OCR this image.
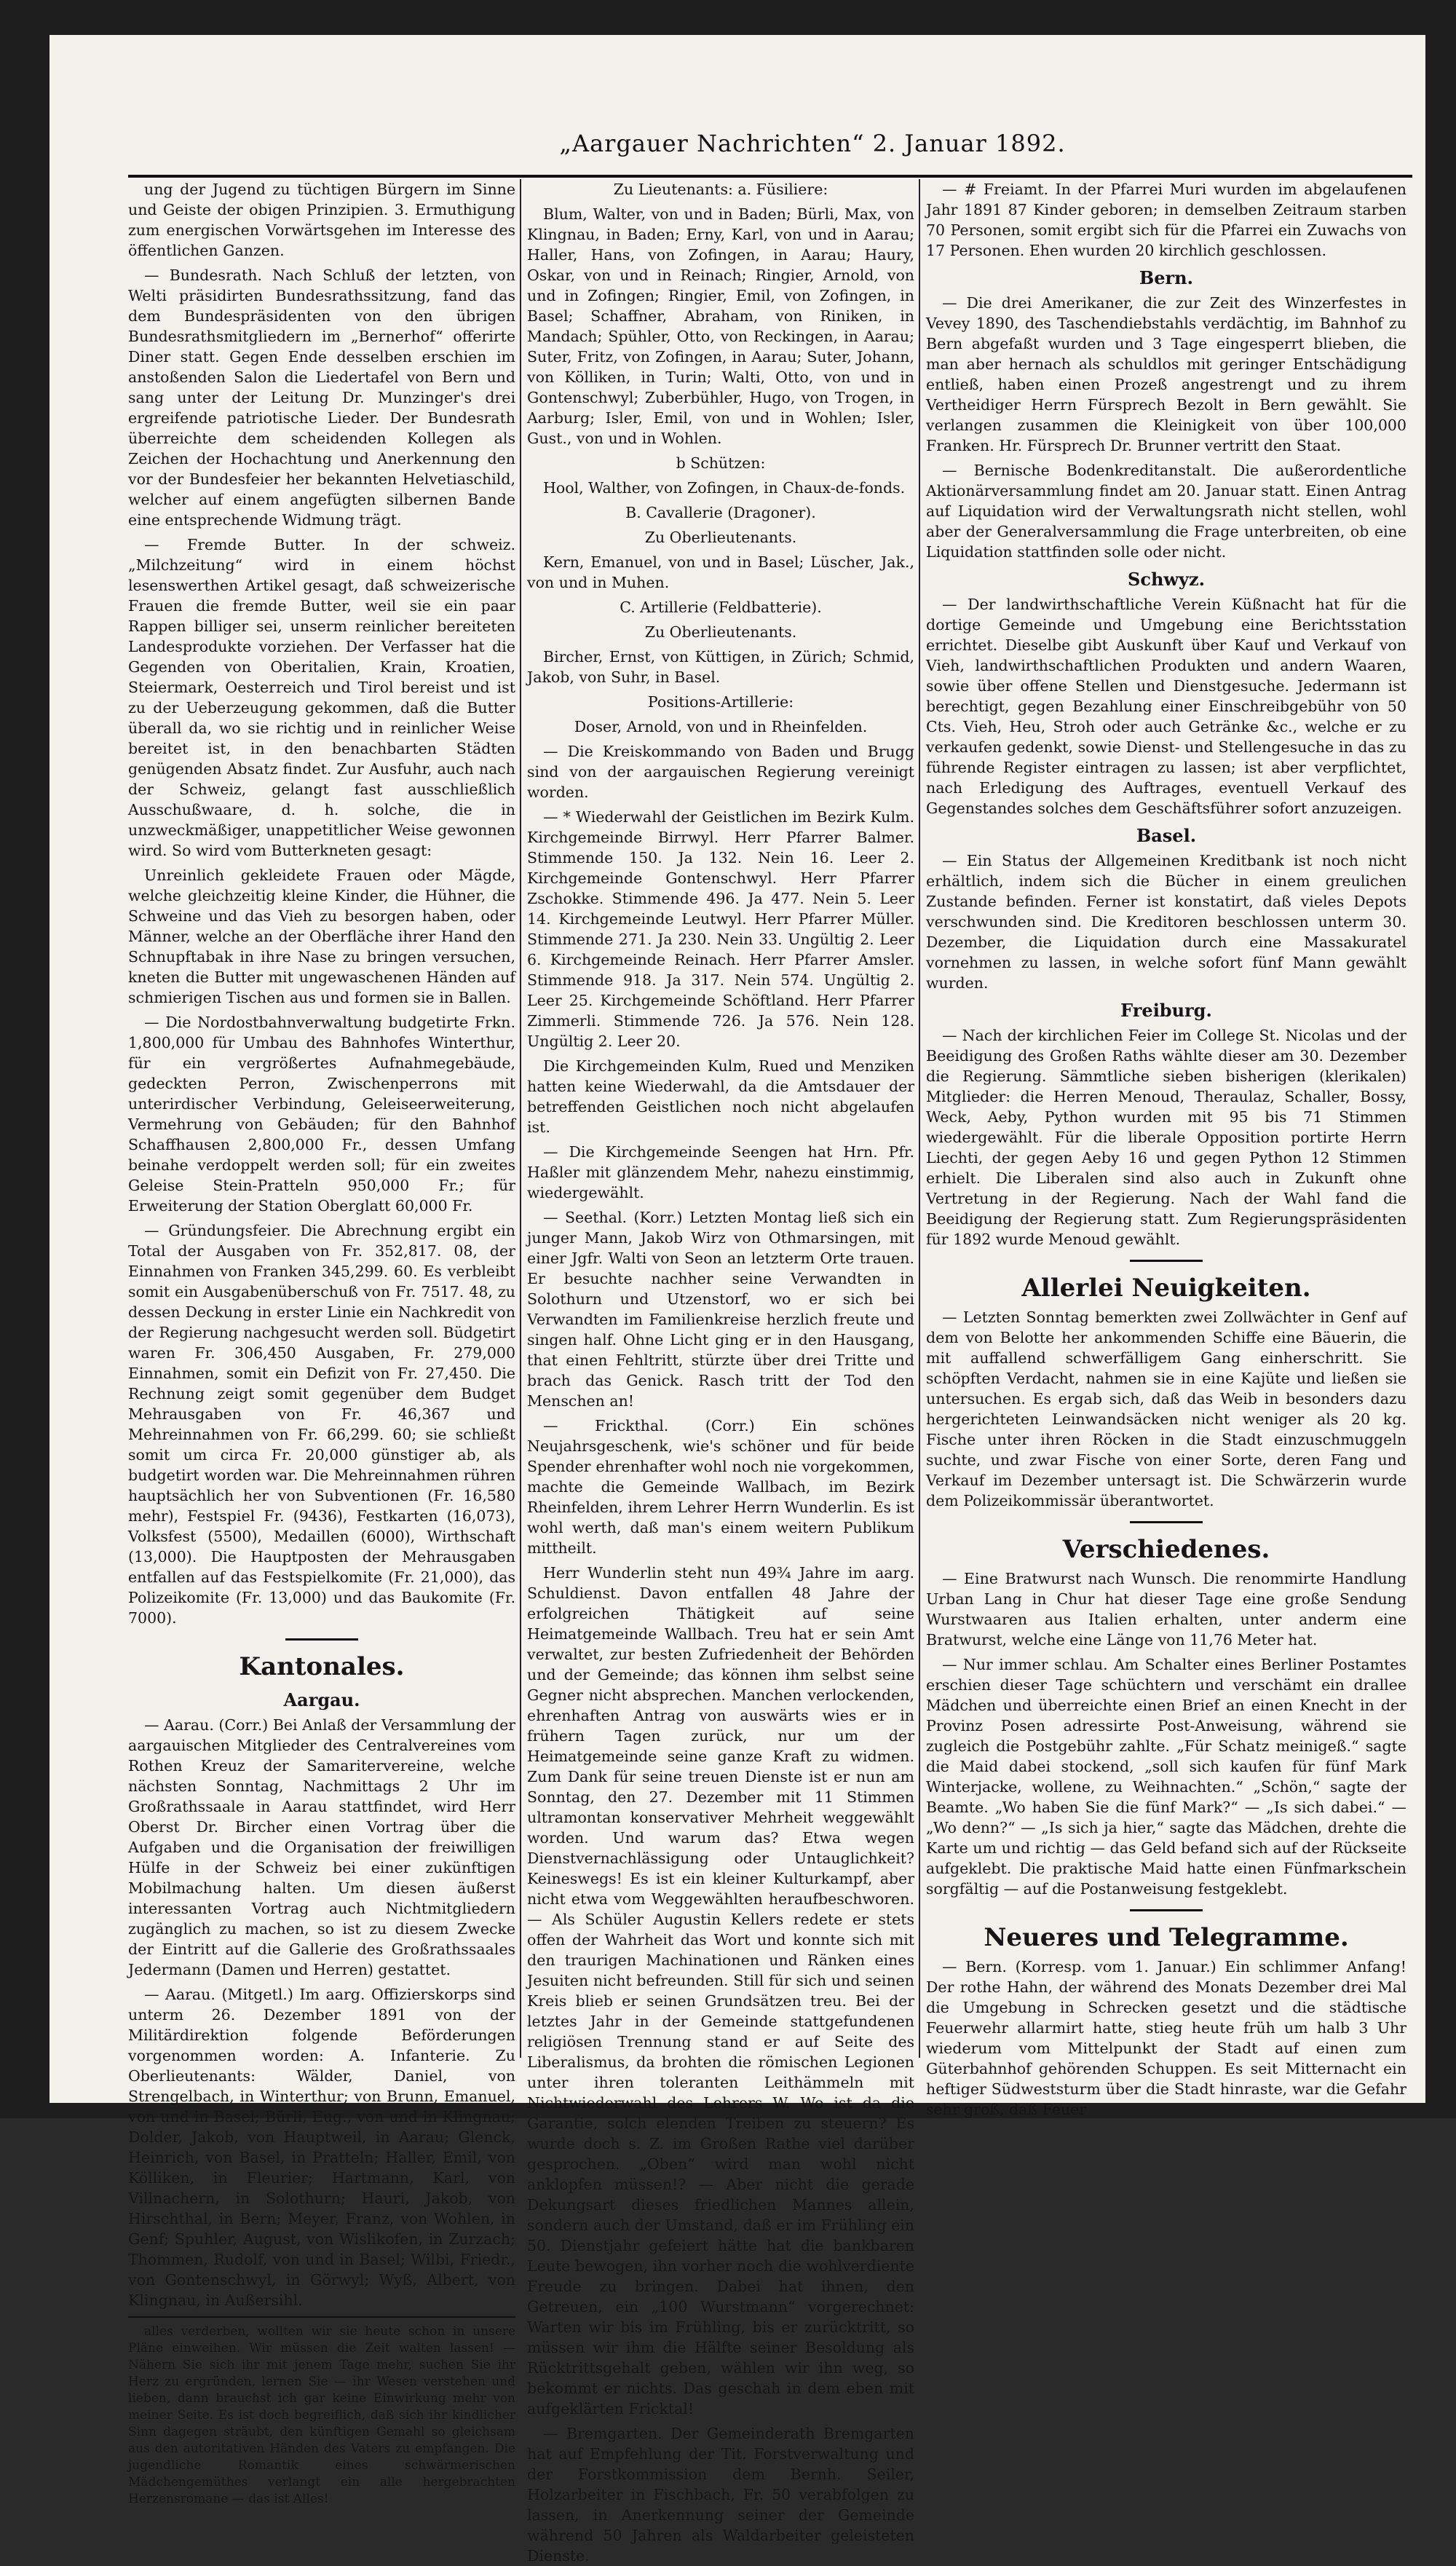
„Aargauer Nachrichten“ 2. Januar 1892.

ung der Jugend zu tüchtigen Bürgern im Sinne und Geiste der obigen Prinzipien. 3. Ermuthigung zum energischen Vorwärtsgehen im Interesse des öffentlichen Ganzen.

— Bundesrath. Nach Schluß der letzten, von Welti präsidirten Bundesrathssitzung, fand das dem Bundespräsidenten von den übrigen Bundesrathsmitgliedern im „Bernerhof“ offerirte Diner statt. Gegen Ende desselben erschien im anstoßenden Salon die Liedertafel von Bern und sang unter der Leitung Dr. Munzinger's drei ergreifende patriotische Lieder. Der Bundesrath überreichte dem scheidenden Kollegen als Zeichen der Hochachtung und Anerkennung den vor der Bundesfeier her bekannten Helvetiaschild, welcher auf einem angefügten silbernen Bande eine entsprechende Widmung trägt.

— Fremde Butter. In der schweiz. „Milchzeitung“ wird in einem höchst lesenswerthen Artikel gesagt, daß schweizerische Frauen die fremde Butter, weil sie ein paar Rappen billiger sei, unserm reinlicher bereiteten Landesprodukte vorziehen. Der Verfasser hat die Gegenden von Oberitalien, Krain, Kroatien, Steiermark, Oesterreich und Tirol bereist und ist zu der Ueberzeugung gekommen, daß die Butter überall da, wo sie richtig und in reinlicher Weise bereitet ist, in den benachbarten Städten genügenden Absatz findet. Zur Ausfuhr, auch nach der Schweiz, gelangt fast ausschließlich Ausschußwaare, d. h. solche, die in unzweckmäßiger, unappetitlicher Weise gewonnen wird. So wird vom Butterkneten gesagt:

Unreinlich gekleidete Frauen oder Mägde, welche gleichzeitig kleine Kinder, die Hühner, die Schweine und das Vieh zu besorgen haben, oder Männer, welche an der Oberfläche ihrer Hand den Schnupftabak in ihre Nase zu bringen versuchen, kneten die Butter mit ungewaschenen Händen auf schmierigen Tischen aus und formen sie in Ballen.

— Die Nordostbahnverwaltung budgetirte Frkn. 1,800,000 für Umbau des Bahnhofes Winterthur, für ein vergrößertes Aufnahmegebäude, gedeckten Perron, Zwischenperrons mit unterirdischer Verbindung, Geleiseerweiterung, Vermehrung von Gebäuden; für den Bahnhof Schaffhausen 2,800,000 Fr., dessen Umfang beinahe verdoppelt werden soll; für ein zweites Geleise Stein-Pratteln 950,000 Fr.; für Erweiterung der Station Oberglatt 60,000 Fr.

— Gründungsfeier. Die Abrechnung ergibt ein Total der Ausgaben von Fr. 352,817. 08, der Einnahmen von Franken 345,299. 60. Es verbleibt somit ein Ausgabenüberschuß von Fr. 7517. 48, zu dessen Deckung in erster Linie ein Nachkredit von der Regierung nachgesucht werden soll. Büdgetirt waren Fr. 306,450 Ausgaben, Fr. 279,000 Einnahmen, somit ein Defizit von Fr. 27,450. Die Rechnung zeigt somit gegenüber dem Budget Mehrausgaben von Fr. 46,367 und Mehreinnahmen von Fr. 66,299. 60; sie schließt somit um circa Fr. 20,000 günstiger ab, als budgetirt worden war. Die Mehreinnahmen rühren hauptsächlich her von Subventionen (Fr. 16,580 mehr), Festspiel Fr. (9436), Festkarten (16,073), Volksfest (5500), Medaillen (6000), Wirthschaft (13,000). Die Hauptposten der Mehrausgaben entfallen auf das Festspielkomite (Fr. 21,000), das Polizeikomite (Fr. 13,000) und das Baukomite (Fr. 7000).

Kantonales.
Aargau.

— Aarau. (Corr.) Bei Anlaß der Versammlung der aargauischen Mitglieder des Centralvereines vom Rothen Kreuz der Samaritervereine, welche nächsten Sonntag, Nachmittags 2 Uhr im Großrathssaale in Aarau stattfindet, wird Herr Oberst Dr. Bircher einen Vortrag über die Aufgaben und die Organisation der freiwilligen Hülfe in der Schweiz bei einer zukünftigen Mobilmachung halten. Um diesen äußerst interessanten Vortrag auch Nichtmitgliedern zugänglich zu machen, so ist zu diesem Zwecke der Eintritt auf die Gallerie des Großrathssaales Jedermann (Damen und Herren) gestattet.

— Aarau. (Mitgetl.) Im aarg. Offizierskorps sind unterm 26. Dezember 1891 von der Militärdirektion folgende Beförderungen vorgenommen worden: A. Infanterie. Zu Oberlieutenants: Wälder, Daniel, von Strengelbach, in Winterthur; von Brunn, Emanuel, von und in Basel; Bürli, Eug., von und in Klingnau; Dolder, Jakob, von Hauptweil, in Aarau; Glenck, Heinrich, von Basel, in Pratteln; Haller, Emil, von Kölliken, in Fleurier; Hartmann, Karl, von Villnachern, in Solothurn; Hauri, Jakob, von Hirschthal, in Bern; Meyer, Franz, von Wohlen, in Genf; Spuhler, August, von Wislikofen, in Zurzach; Thommen, Rudolf, von und in Basel; Wilbi, Friedr., von Gontenschwyl, in Görwyl; Wyß, Albert, von Klingnau, in Außersihl.

alles verderben, wollten wir sie heute schon in unsere Pläne einweihen. Wir müssen die Zeit walten lassen! — Nähern Sie sich ihr mit jenem Tage mehr, suchen Sie ihr Herz zu ergründen, lernen Sie — ihr Wesen verstehen und lieben, dann brauchst ich gar keine Einwirkung mehr von meiner Seite. Es ist doch begreiflich, daß sich ihr kindlicher Sinn dagegen sträubt, den künftigen Gemahl so gleichsam aus den autoritativen Händen des Vaters zu empfangen. Die jugendliche Romantik eines schwärmerischen Mädchengemüthes verlangt ein alle hergebrachten Herzensromane — das ist Alles!

Zu Lieutenants: a. Füsiliere:

Blum, Walter, von und in Baden; Bürli, Max, von Klingnau, in Baden; Erny, Karl, von und in Aarau; Haller, Hans, von Zofingen, in Aarau; Haury, Oskar, von und in Reinach; Ringier, Arnold, von und in Zofingen; Ringier, Emil, von Zofingen, in Basel; Schaffner, Abraham, von Riniken, in Mandach; Spühler, Otto, von Reckingen, in Aarau; Suter, Fritz, von Zofingen, in Aarau; Suter, Johann, von Kölliken, in Turin; Walti, Otto, von und in Gontenschwyl; Zuberbühler, Hugo, von Trogen, in Aarburg; Isler, Emil, von und in Wohlen; Isler, Gust., von und in Wohlen.

b Schützen:

Hool, Walther, von Zofingen, in Chaux-de-fonds.

B. Cavallerie (Dragoner).

Zu Oberlieutenants.

Kern, Emanuel, von und in Basel; Lüscher, Jak., von und in Muhen.

C. Artillerie (Feldbatterie).

Zu Oberlieutenants.

Bircher, Ernst, von Küttigen, in Zürich; Schmid, Jakob, von Suhr, in Basel.

Positions-Artillerie:

Doser, Arnold, von und in Rheinfelden.

— Die Kreiskommando von Baden und Brugg sind von der aargauischen Regierung vereinigt worden.

— * Wiederwahl der Geistlichen im Bezirk Kulm. Kirchgemeinde Birrwyl. Herr Pfarrer Balmer. Stimmende 150. Ja 132. Nein 16. Leer 2. Kirchgemeinde Gontenschwyl. Herr Pfarrer Zschokke. Stimmende 496. Ja 477. Nein 5. Leer 14. Kirchgemeinde Leutwyl. Herr Pfarrer Müller. Stimmende 271. Ja 230. Nein 33. Ungültig 2. Leer 6. Kirchgemeinde Reinach. Herr Pfarrer Amsler. Stimmende 918. Ja 317. Nein 574. Ungültig 2. Leer 25. Kirchgemeinde Schöftland. Herr Pfarrer Zimmerli. Stimmende 726. Ja 576. Nein 128. Ungültig 2. Leer 20.

Die Kirchgemeinden Kulm, Rued und Menziken hatten keine Wiederwahl, da die Amtsdauer der betreffenden Geistlichen noch nicht abgelaufen ist.

— Die Kirchgemeinde Seengen hat Hrn. Pfr. Haßler mit glänzendem Mehr, nahezu einstimmig, wiedergewählt.

— Seethal. (Korr.) Letzten Montag ließ sich ein junger Mann, Jakob Wirz von Othmarsingen, mit einer Jgfr. Walti von Seon an letzterm Orte trauen. Er besuchte nachher seine Verwandten in Solothurn und Utzenstorf, wo er sich bei Verwandten im Familienkreise herzlich freute und singen half. Ohne Licht ging er in den Hausgang, that einen Fehltritt, stürzte über drei Tritte und brach das Genick. Rasch tritt der Tod den Menschen an!

— Frickthal. (Corr.) Ein schönes Neujahrsgeschenk, wie's schöner und für beide Spender ehrenhafter wohl noch nie vorgekommen, machte die Gemeinde Wallbach, im Bezirk Rheinfelden, ihrem Lehrer Herrn Wunderlin. Es ist wohl werth, daß man's einem weitern Publikum mittheilt.

Herr Wunderlin steht nun 49¾ Jahre im aarg. Schuldienst. Davon entfallen 48 Jahre der erfolgreichen Thätigkeit auf seine Heimatgemeinde Wallbach. Treu hat er sein Amt verwaltet, zur besten Zufriedenheit der Behörden und der Gemeinde; das können ihm selbst seine Gegner nicht absprechen. Manchen verlockenden, ehrenhaften Antrag von auswärts wies er in frühern Tagen zurück, nur um der Heimatgemeinde seine ganze Kraft zu widmen. Zum Dank für seine treuen Dienste ist er nun am Sonntag, den 27. Dezember mit 11 Stimmen ultramontan konservativer Mehrheit weggewählt worden. Und warum das? Etwa wegen Dienstvernachlässigung oder Untauglichkeit? Keineswegs! Es ist ein kleiner Kulturkampf, aber nicht etwa vom Weggewählten heraufbeschworen. — Als Schüler Augustin Kellers redete er stets offen der Wahrheit das Wort und konnte sich mit den traurigen Machinationen und Ränken eines Jesuiten nicht befreunden. Still für sich und seinen Kreis blieb er seinen Grundsätzen treu. Bei der letztes Jahr in der Gemeinde stattgefundenen religiösen Trennung stand er auf Seite des Liberalismus, da brohten die römischen Legionen unter ihren toleranten Leithämmeln mit Nichtwiederwahl des Lehrers W. Wo ist da die Garantie, solch elenden Treiben zu steuern? Es wurde doch s. Z. im Großen Rathe viel darüber gesprochen. „Oben“ wird man wohl nicht anklopfen müssen!? — Aber nicht die gerade Dekungsart dieses friedlichen Mannes allein, sondern auch der Umstand, daß er im Frühling ein 50. Dienstjahr gefeiert hätte hat die bankbaren Leute bewogen, ihn vorher noch die wohlverdiente Freude zu bringen. Dabei hat ihnen, den Getreuen, ein „100 Wurstmann“ vorgerechnet: Warten wir bis im Frühling, bis er zurücktritt, so müssen wir ihm die Hälfte seiner Besoldung als Rücktrittsgehalt geben, wählen wir ihn weg, so bekommt er nichts. Das geschah in dem eben mit aufgeklärten Fricktal!

— Bremgarten. Der Gemeinderath Bremgarten hat auf Empfehlung der Tit. Forstverwaltung und der Forstkommission dem Bernh. Seiler, Holzarbeiter in Fischbach, Fr. 50 verabfolgen zu lassen, in Anerkennung seiner der Gemeinde während 50 Jahren als Waldarbeiter geleisteten Dienste.

— # Freiamt. In der Pfarrei Muri wurden im abgelaufenen Jahr 1891 87 Kinder geboren; in demselben Zeitraum starben 70 Personen, somit ergibt sich für die Pfarrei ein Zuwachs von 17 Personen. Ehen wurden 20 kirchlich geschlossen.

Bern.

— Die drei Amerikaner, die zur Zeit des Winzerfestes in Vevey 1890, des Taschendiebstahls verdächtig, im Bahnhof zu Bern abgefaßt wurden und 3 Tage eingesperrt blieben, die man aber hernach als schuldlos mit geringer Entschädigung entließ, haben einen Prozeß angestrengt und zu ihrem Vertheidiger Herrn Fürsprech Bezolt in Bern gewählt. Sie verlangen zusammen die Kleinigkeit von über 100,000 Franken. Hr. Fürsprech Dr. Brunner vertritt den Staat.

— Bernische Bodenkreditanstalt. Die außerordentliche Aktionärversammlung findet am 20. Januar statt. Einen Antrag auf Liquidation wird der Verwaltungsrath nicht stellen, wohl aber der Generalversammlung die Frage unterbreiten, ob eine Liquidation stattfinden solle oder nicht.

Schwyz.

— Der landwirthschaftliche Verein Küßnacht hat für die dortige Gemeinde und Umgebung eine Berichtsstation errichtet. Dieselbe gibt Auskunft über Kauf und Verkauf von Vieh, landwirthschaftlichen Produkten und andern Waaren, sowie über offene Stellen und Dienstgesuche. Jedermann ist berechtigt, gegen Bezahlung einer Einschreibgebühr von 50 Cts. Vieh, Heu, Stroh oder auch Getränke &c., welche er zu verkaufen gedenkt, sowie Dienst- und Stellengesuche in das zu führende Register eintragen zu lassen; ist aber verpflichtet, nach Erledigung des Auftrages, eventuell Verkauf des Gegenstandes solches dem Geschäftsführer sofort anzuzeigen.

Basel.

— Ein Status der Allgemeinen Kreditbank ist noch nicht erhältlich, indem sich die Bücher in einem greulichen Zustande befinden. Ferner ist konstatirt, daß vieles Depots verschwunden sind. Die Kreditoren beschlossen unterm 30. Dezember, die Liquidation durch eine Massakuratel vornehmen zu lassen, in welche sofort fünf Mann gewählt wurden.

Freiburg.

— Nach der kirchlichen Feier im College St. Nicolas und der Beeidigung des Großen Raths wählte dieser am 30. Dezember die Regierung. Sämmtliche sieben bisherigen (klerikalen) Mitglieder: die Herren Menoud, Theraulaz, Schaller, Bossy, Weck, Aeby, Python wurden mit 95 bis 71 Stimmen wiedergewählt. Für die liberale Opposition portirte Herrn Liechti, der gegen Aeby 16 und gegen Python 12 Stimmen erhielt. Die Liberalen sind also auch in Zukunft ohne Vertretung in der Regierung. Nach der Wahl fand die Beeidigung der Regierung statt. Zum Regierungspräsidenten für 1892 wurde Menoud gewählt.

Allerlei Neuigkeiten.

— Letzten Sonntag bemerkten zwei Zollwächter in Genf auf dem von Belotte her ankommenden Schiffe eine Bäuerin, die mit auffallend schwerfälligem Gang einherschritt. Sie schöpften Verdacht, nahmen sie in eine Kajüte und ließen sie untersuchen. Es ergab sich, daß das Weib in besonders dazu hergerichteten Leinwandsäcken nicht weniger als 20 kg. Fische unter ihren Röcken in die Stadt einzuschmuggeln suchte, und zwar Fische von einer Sorte, deren Fang und Verkauf im Dezember untersagt ist. Die Schwärzerin wurde dem Polizeikommissär überantwortet.

Verschiedenes.

— Eine Bratwurst nach Wunsch. Die renommirte Handlung Urban Lang in Chur hat dieser Tage eine große Sendung Wurstwaaren aus Italien erhalten, unter anderm eine Bratwurst, welche eine Länge von 11,76 Meter hat.

— Nur immer schlau. Am Schalter eines Berliner Postamtes erschien dieser Tage schüchtern und verschämt ein drallee Mädchen und überreichte einen Brief an einen Knecht in der Provinz Posen adressirte Post-Anweisung, während sie zugleich die Postgebühr zahlte. „Für Schatz meinigeß.“ sagte die Maid dabei stockend, „soll sich kaufen für fünf Mark Winterjacke, wollene, zu Weihnachten.“ „Schön,“ sagte der Beamte. „Wo haben Sie die fünf Mark?“ — „Is sich dabei.“ — „Wo denn?“ — „Is sich ja hier,“ sagte das Mädchen, drehte die Karte um und richtig — das Geld befand sich auf der Rückseite aufgeklebt. Die praktische Maid hatte einen Fünfmarkschein sorgfältig — auf die Postanweisung festgeklebt.

Neueres und Telegramme.

— Bern. (Korresp. vom 1. Januar.) Ein schlimmer Anfang! Der rothe Hahn, der während des Monats Dezember drei Mal die Umgebung in Schrecken gesetzt und die städtische Feuerwehr allarmirt hatte, stieg heute früh um halb 3 Uhr wiederum vom Mittelpunkt der Stadt auf einen zum Güterbahnhof gehörenden Schuppen. Es seit Mitternacht ein heftiger Südweststurm über die Stadt hinraste, war die Gefahr sehr groß, daß Feuer
